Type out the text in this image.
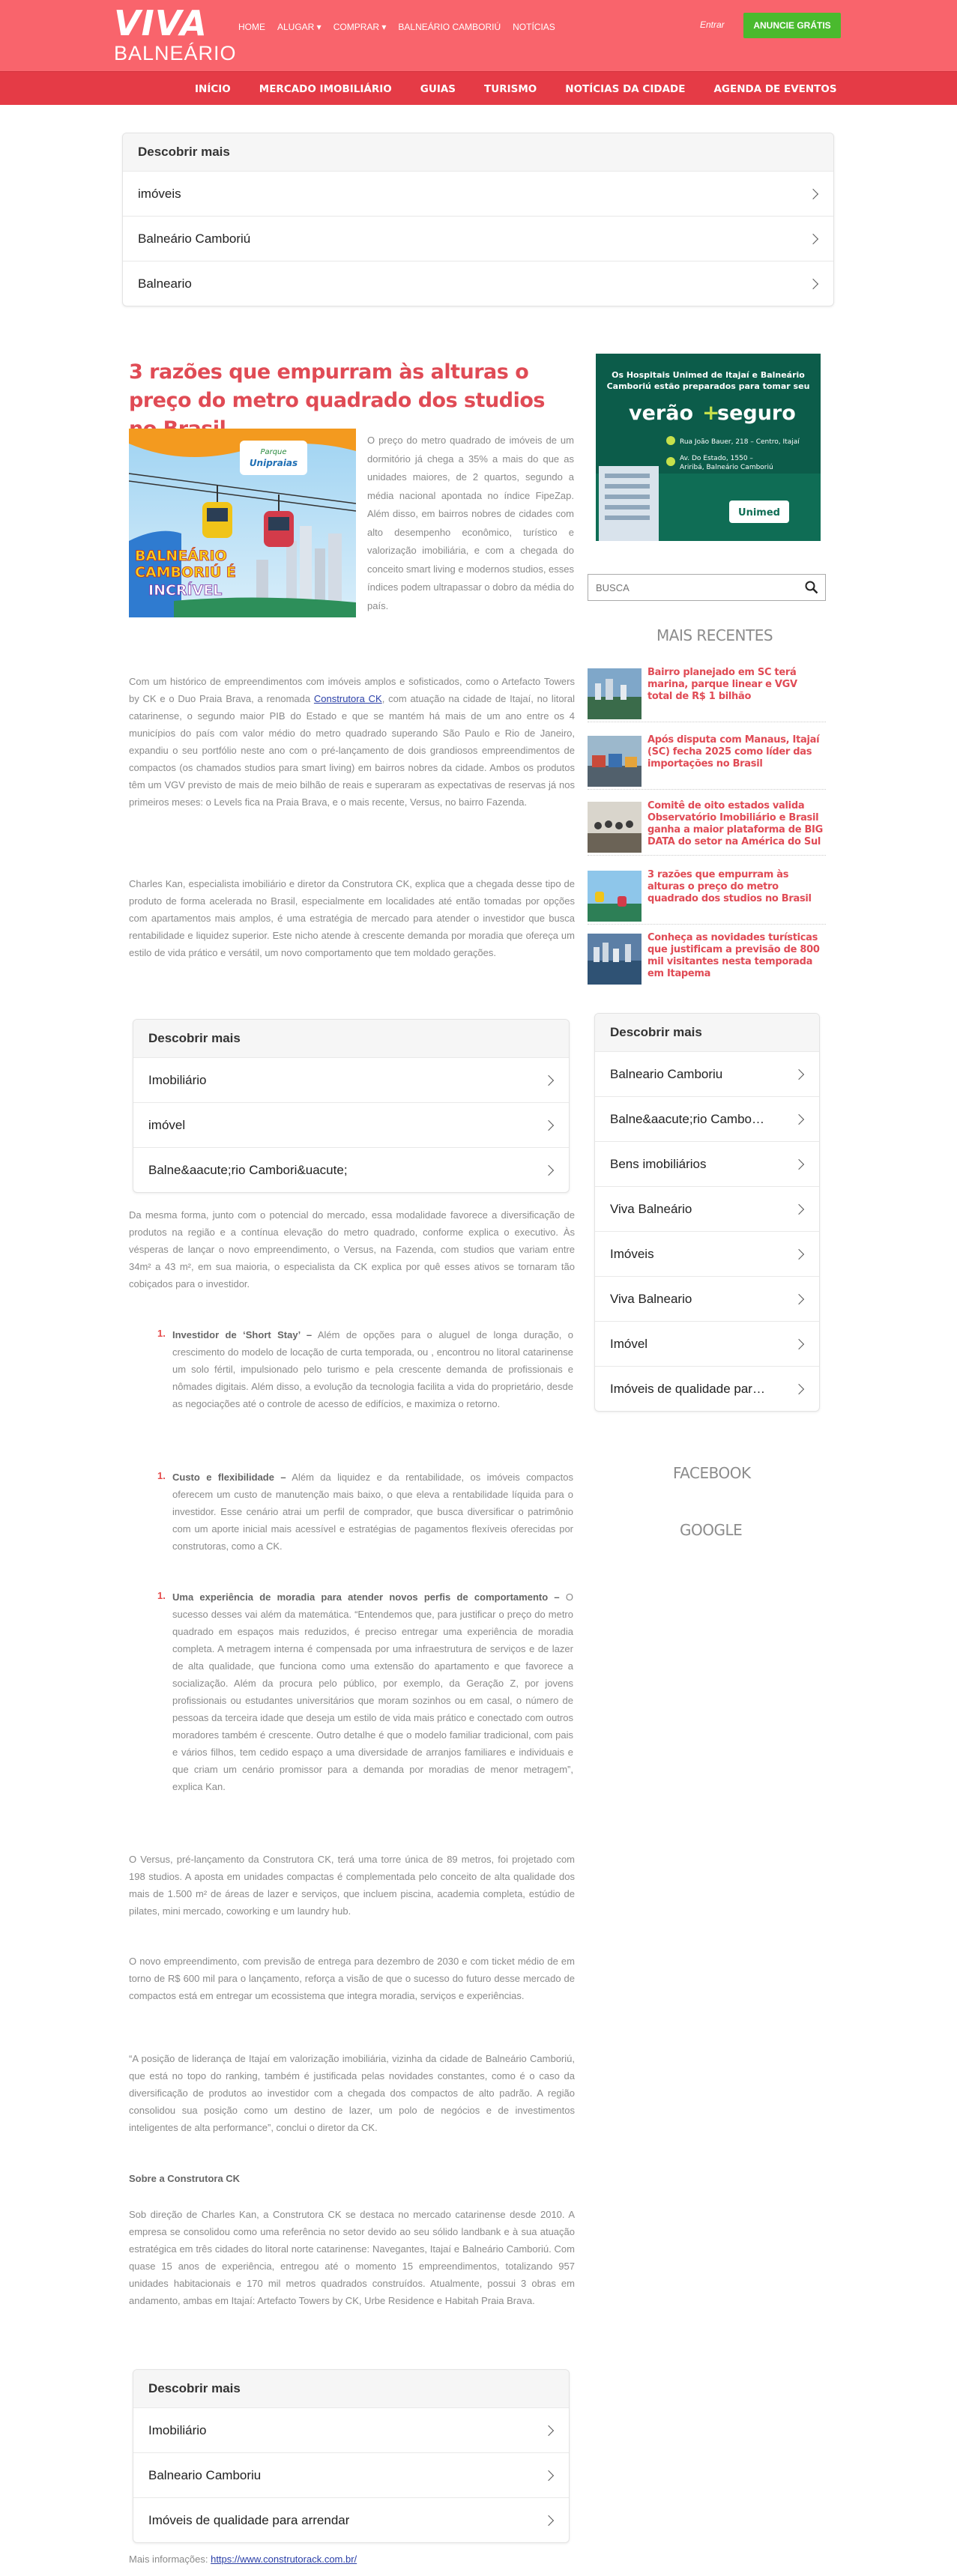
VIVA
BALNEÁRIO
HOME ALUGAR ▾ COMPRAR ▾ BALNEÁRIO CAMBORIÚ NOTÍCIAS	Entrar	ANUNCIE GRÁTIS
INÍCIO	MERCADO IMOBILIÁRIO	GUIAS	TURISMO	NOTÍCIAS DA CIDADE	AGENDA DE EVENTOS
Descobrir mais
imóveis
Balneário Camboriú
Balneario
3 razões que empurram às alturas o preço do metro quadrado dos studios
Parque
Unipraias
BALNEÁRIO
CAMBORIÚ É
INCRÍVEL

O preço do metro quadrado de imóveis de um dormitório já chega a 35% a mais do que as unidades maiores, de 2 quartos, segundo a média nacional apontada no índice FipeZap. Além disso, em bairros nobres de cidades com alto desempenho econômico, turístico e valorização imobiliária, e com a chegada do conceito smart living e modernos studios, esses índices podem ultrapassar o dobro da média do país.

Com um histórico de empreendimentos com imóveis amplos e sofisticados, como o Artefacto Towers by CK e o Duo Praia Brava, a renomada Construtora CK, com atuação na cidade de Itajaí, no litoral catarinense, o segundo maior PIB do Estado e que se mantém há mais de um ano entre os 4 municípios do país com valor médio do metro quadrado superando São Paulo e Rio de Janeiro, expandiu o seu portfólio neste ano com o pré-lançamento de dois grandiosos empreendimentos de compactos (os chamados studios para smart living) em bairros nobres da cidade. Ambos os produtos têm um VGV previsto de mais de meio bilhão de reais e superaram as expectativas de reservas já nos primeiros meses: o Levels fica na Praia Brava, e o mais recente, Versus, no bairro Fazenda.

Charles Kan, especialista imobiliário e diretor da Construtora CK, explica que a chegada desse tipo de produto de forma acelerada no Brasil, especialmente em localidades até então tomadas por opções com apartamentos mais amplos, é uma estratégia de mercado para atender o investidor que busca rentabilidade e liquidez superior. Este nicho atende à crescente demanda por moradia que ofereça um estilo de vida prático e versátil, um novo comportamento que tem moldado gerações.

Descobrir mais
Imobiliário
imóvel
Balne&aacute;rio Cambori&uacute;

Da mesma forma, junto com o potencial do mercado, essa modalidade favorece a diversificação de produtos na região e a contínua elevação do metro quadrado, conforme explica o executivo. Às vésperas de lançar o novo empreendimento, o Versus, na Fazenda, com studios que variam entre 34m² a 43 m², em sua maioria, o especialista da CK explica por quê esses ativos se tornaram tão cobiçados para o investidor.

1. Investidor de ‘Short Stay’ – Além de opções para o aluguel de longa duração, o crescimento do modelo de locação de curta temporada, ou , encontrou no litoral catarinense um solo fértil, impulsionado pelo turismo e pela crescente demanda de profissionais e nômades digitais. Além disso, a evolução da tecnologia facilita a vida do proprietário, desde as negociações até o controle de acesso de edifícios, e maximiza o retorno.

1. Custo e flexibilidade – Além da liquidez e da rentabilidade, os imóveis compactos oferecem um custo de manutenção mais baixo, o que eleva a rentabilidade líquida para o investidor. Esse cenário atrai um perfil de comprador, que busca diversificar o patrimônio com um aporte inicial mais acessível e estratégias de pagamentos flexíveis oferecidas por construtoras, como a CK.

1. Uma experiência de moradia para atender novos perfis de comportamento – O sucesso desses vai além da matemática. “Entendemos que, para justificar o preço do metro quadrado em espaços mais reduzidos, é preciso entregar uma experiência de moradia completa. A metragem interna é compensada por uma infraestrutura de serviços e de lazer de alta qualidade, que funciona como uma extensão do apartamento e que favorece a socialização. Além da procura pelo público, por exemplo, da Geração Z, por jovens profissionais ou estudantes universitários que moram sozinhos ou em casal, o número de pessoas da terceira idade que deseja um estilo de vida mais prático e conectado com outros moradores também é crescente. Outro detalhe é que o modelo familiar tradicional, com pais e vários filhos, tem cedido espaço a uma diversidade de arranjos familiares e individuais e que criam um cenário promissor para a demanda por moradias de menor metragem”, explica Kan.

O Versus, pré-lançamento da Construtora CK, terá uma torre única de 89 metros, foi projetado com 198 studios. A aposta em unidades compactas é complementada pelo conceito de alta qualidade dos mais de 1.500 m² de áreas de lazer e serviços, que incluem piscina, academia completa, estúdio de pilates, mini mercado, coworking e um laundry hub.

O novo empreendimento, com previsão de entrega para dezembro de 2030 e com ticket médio de em torno de R$ 600 mil para o lançamento, reforça a visão de que o sucesso do futuro desse mercado de compactos está em entregar um ecossistema que integra moradia, serviços e experiências.

“A posição de liderança de Itajaí em valorização imobiliária, vizinha da cidade de Balneário Camboriú, que está no topo do ranking, também é justificada pelas novidades constantes, como é o caso da diversificação de produtos ao investidor com a chegada dos compactos de alto padrão. A região consolidou sua posição como um destino de lazer, um polo de negócios e de investimentos inteligentes de alta performance”, conclui o diretor da CK.

Sobre a Construtora CK

Sob direção de Charles Kan, a Construtora CK se destaca no mercado catarinense desde 2010. A empresa se consolidou como uma referência no setor devido ao seu sólido landbank e à sua atuação estratégica em três cidades do litoral norte catarinense: Navegantes, Itajaí e Balneário Camboriú. Com quase 15 anos de experiência, entregou até o momento 15 empreendimentos, totalizando 957 unidades habitacionais e 170 mil metros quadrados construídos. Atualmente, possui 3 obras em andamento, ambas em Itajaí: Artefacto Towers by CK, Urbe Residence e Habitah Praia Brava.

Descobrir mais
Imobiliário
Balneario Camboriu
Imóveis de qualidade para arrendar

Mais informações: https://www.construtorack.com.br/

Os Hospitais Unimed de Itajaí e Balneário
Camboriú estão preparados para tomar seu
verão +
seguro
Rua João Bauer, 218 – Centro, Itajaí
Av. Do Estado, 1550 –
Ariribá, Balneário Camboriú
Unimed
BUSCA
MAIS RECENTES
Bairro planejado em SC terá marina, parque linear e VGV total de R$ 1 bilhão
Após disputa com Manaus, Itajaí (SC) fecha 2025 como líder das importações no Brasil
Comitê de oito estados valida Observatório Imobiliário e Brasil ganha a maior plataforma de BIG DATA do setor na América do Sul
3 razões que empurram às alturas o preço do metro quadrado dos studios no Brasil
Conheça as novidades turísticas que justificam a previsão de 800 mil visitantes nesta temporada em Itapema
Descobrir mais
Balneario Camboriu
Balne&aacute;rio Cambo…
Bens imobiliários
Viva Balneário
Imóveis
Viva Balneario
Imóvel
Imóveis de qualidade par…
FACEBOOK
GOOGLE
